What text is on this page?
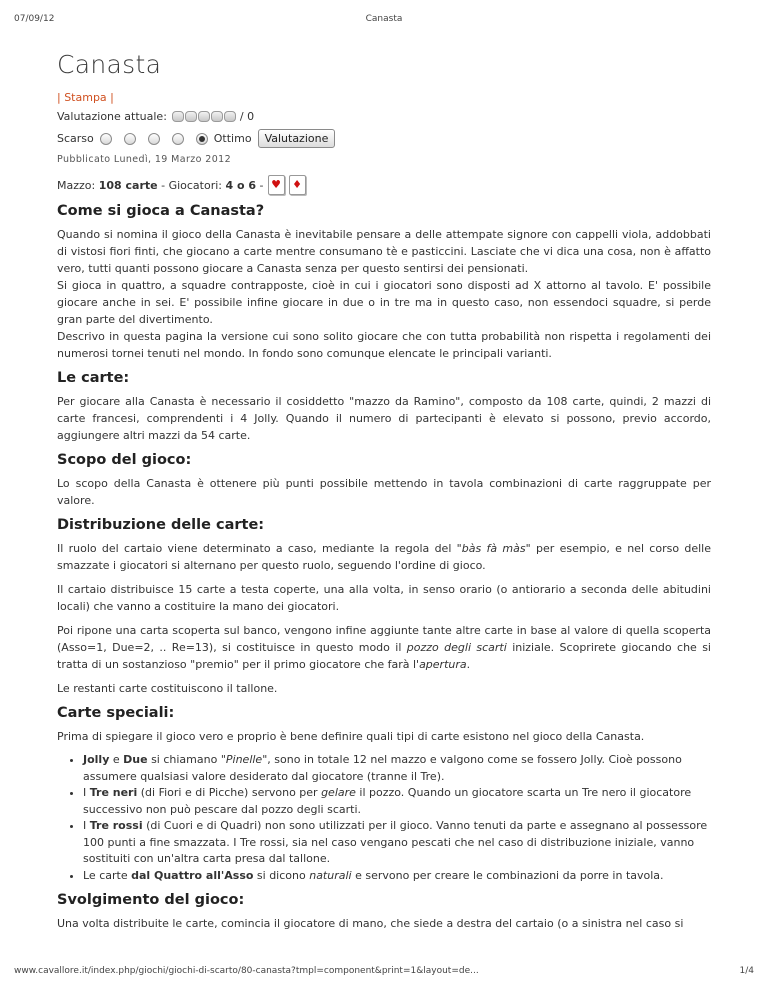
07/09/12	Canasta
Canasta
| Stampa |
Valutazione attuale:	/ 0
Scarso	Ottimo	Valutazione
Pubblicato Lunedì, 19 Marzo 2012
Mazzo:
108 carte - Giocatori: 4 o 6 - ♥	♦
Come si gioca a Canasta?

Quando si nomina il gioco della Canasta è inevitabile pensare a delle attempate signore con cappelli viola, addobbati di vistosi fiori finti, che giocano a carte mentre consumano tè e pasticcini. Lasciate che vi dica una cosa, non è affatto vero, tutti quanti possono giocare a Canasta senza per questo sentirsi dei pensionati.

Si gioca in quattro, a squadre contrapposte, cioè in cui i giocatori sono disposti ad X attorno al tavolo. E' possibile giocare anche in sei. E' possibile infine giocare in due o in tre ma in questo caso, non essendoci squadre, si perde gran parte del divertimento.

Descrivo in questa pagina la versione cui sono solito giocare che con tutta probabilità non rispetta i regolamenti dei numerosi tornei tenuti nel mondo. In fondo sono comunque elencate le principali varianti.

Le carte:

Per giocare alla Canasta è necessario il cosiddetto "mazzo da Ramino", composto da 108 carte, quindi, 2 mazzi di carte francesi, comprendenti i 4 Jolly. Quando il numero di partecipanti è elevato si possono, previo accordo, aggiungere altri mazzi da 54 carte.

Scopo del gioco:

Lo scopo della Canasta è ottenere più punti possibile mettendo in tavola combinazioni di carte raggruppate per valore.

Distribuzione delle carte:

Il ruolo del cartaio viene determinato a caso, mediante la regola del "bàs fà màs" per esempio, e nel corso delle smazzate i giocatori si alternano per questo ruolo, seguendo l'ordine di gioco.

Il cartaio distribuisce 15 carte a testa coperte, una alla volta, in senso orario (o antiorario a seconda delle abitudini locali) che vanno a costituire la mano dei giocatori.

Poi ripone una carta scoperta sul banco, vengono infine aggiunte tante altre carte in base al valore di quella scoperta (Asso=1, Due=2, .. Re=13), si costituisce in questo modo il pozzo degli scarti iniziale. Scoprirete giocando che si tratta di un sostanzioso "premio" per il primo giocatore che farà l'apertura.

Le restanti carte costituiscono il tallone.

Carte speciali:

Prima di spiegare il gioco vero e proprio è bene definire quali tipi di carte esistono nel gioco della Canasta.

• Jolly e Due si chiamano "Pinelle", sono in totale 12 nel mazzo e valgono come se fossero Jolly. Cioè possono assumere qualsiasi valore desiderato dal giocatore (tranne il Tre).
• I Tre neri (di Fiori e di Picche) servono per gelare il pozzo. Quando un giocatore scarta un Tre nero il giocatore successivo non può pescare dal pozzo degli scarti.
• I Tre rossi (di Cuori e di Quadri) non sono utilizzati per il gioco. Vanno tenuti da parte e assegnano al possessore 100 punti a fine smazzata. I Tre rossi, sia nel caso vengano pescati che nel caso di distribuzione iniziale, vanno sostituiti con un'altra carta presa dal tallone.
• Le carte dal Quattro all'Asso si dicono naturali e servono per creare le combinazioni da porre in tavola.
Svolgimento del gioco:

Una volta distribuite le carte, comincia il giocatore di mano, che siede a destra del cartaio (o a sinistra nel caso si

www.cavallore.it/index.php/giochi/giochi-di-scarto/80-canasta?tmpl=component&print=1&layout=de...	1/4
